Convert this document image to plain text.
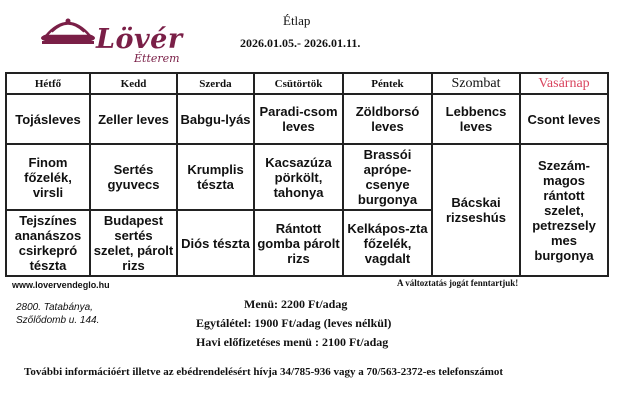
Lövér
Étterem
Étlap
2026.01.05.- 2026.01.11.
Hétfő	Kedd	Szerda	Csütörtök	Péntek	Szombat	Vasárnap
Tojásleves	Zeller leves	Babgu-lyás	Paradi-csom leves	Zöldborsó leves	Lebbencs leves	Csont leves
Finom főzelék, virsli	Sertés gyuvecs	Krumplis tészta	Kacsazúza pörkölt, tahonya	Brassói aprópe-csenye burgonya	Bácskai rizseshús	Szezám-magos rántott szelet, petrezsely mes burgonya
Tejszínes ananászos csirkepró tészta	Budapest sertés szelet, párolt rizs	Diós tészta	Rántott gomba párolt rizs	Kelkápos-zta főzelék, vagdalt		
www.lovervendeglo.hu	A változtatás jogát fenntartjuk!
2800. Tatabánya,
Szőlődomb u. 144.
Menü: 2200 Ft/adag
Egytálétel: 1900 Ft/adag (leves nélkül)
Havi előfizetéses menü : 2100 Ft/adag
További információért illetve az ebédrendelésért hívja 34/785-936 vagy a 70/563-2372-es telefonszámot
